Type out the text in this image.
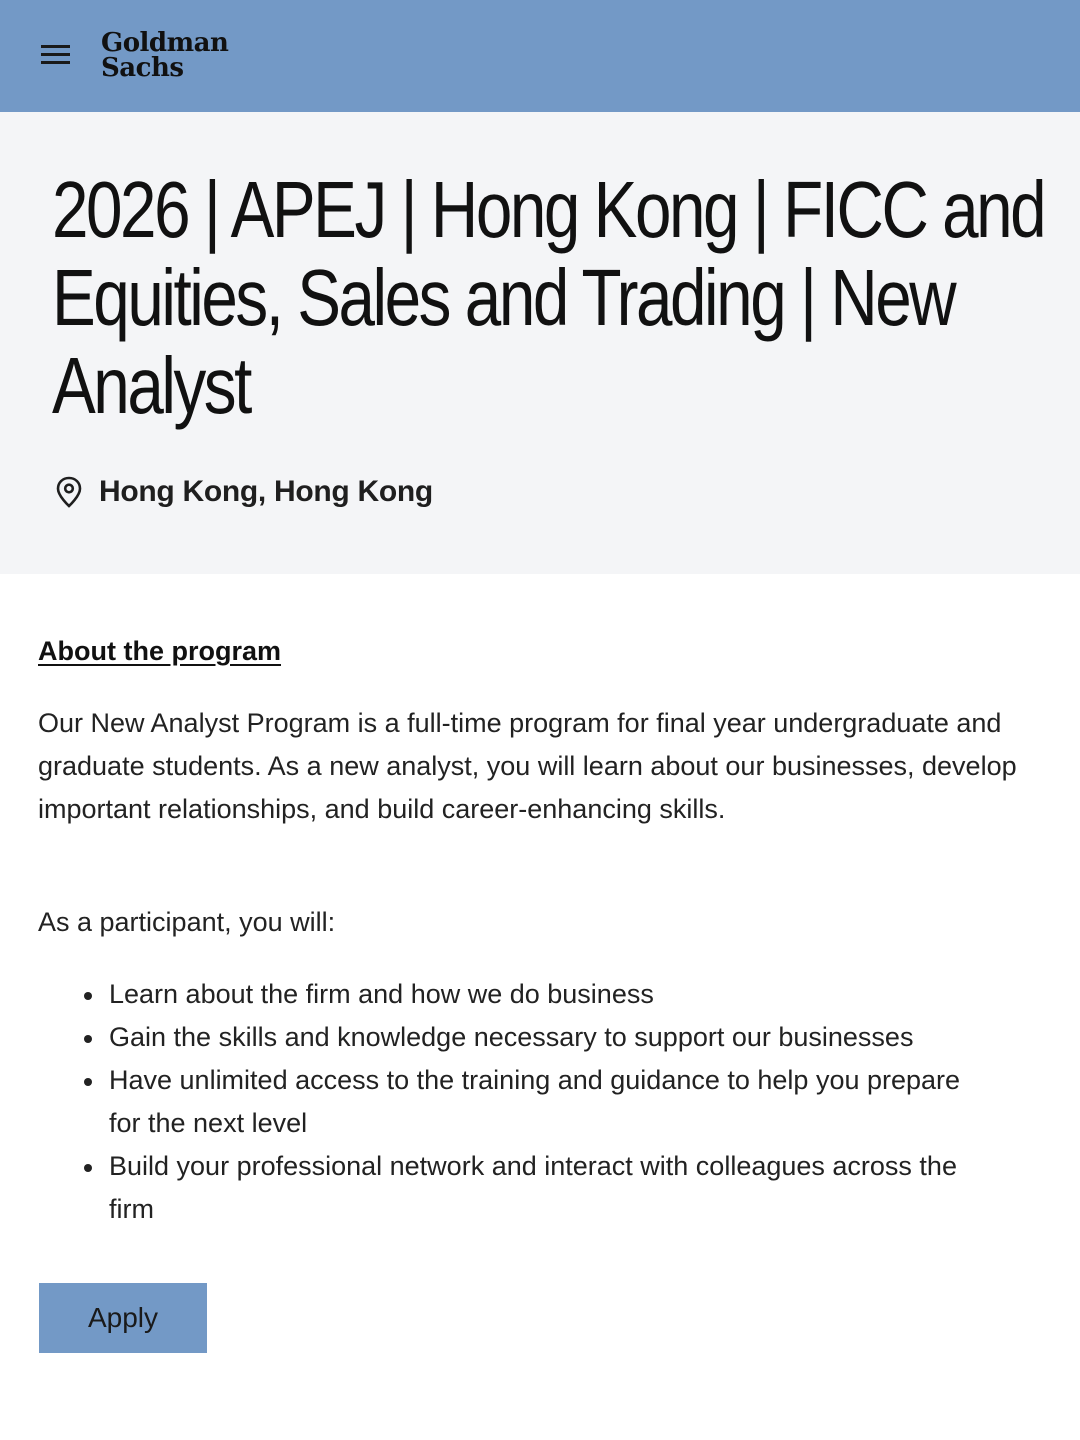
Goldman
Sachs
2026 | APEJ | Hong Kong | FICC and Equities, Sales and Trading | New Analyst
Hong Kong, Hong Kong
About the program

Our New Analyst Program is a full-time program for final year undergraduate and graduate students. As a new analyst, you will learn about our businesses, develop important relationships, and build career-enhancing skills.

As a participant, you will:

Learn about the firm and how we do business
Gain the skills and knowledge necessary to support our businesses
Have unlimited access to the training and guidance to help you prepare for the next level
Build your professional network and interact with colleagues across the firm
Apply
